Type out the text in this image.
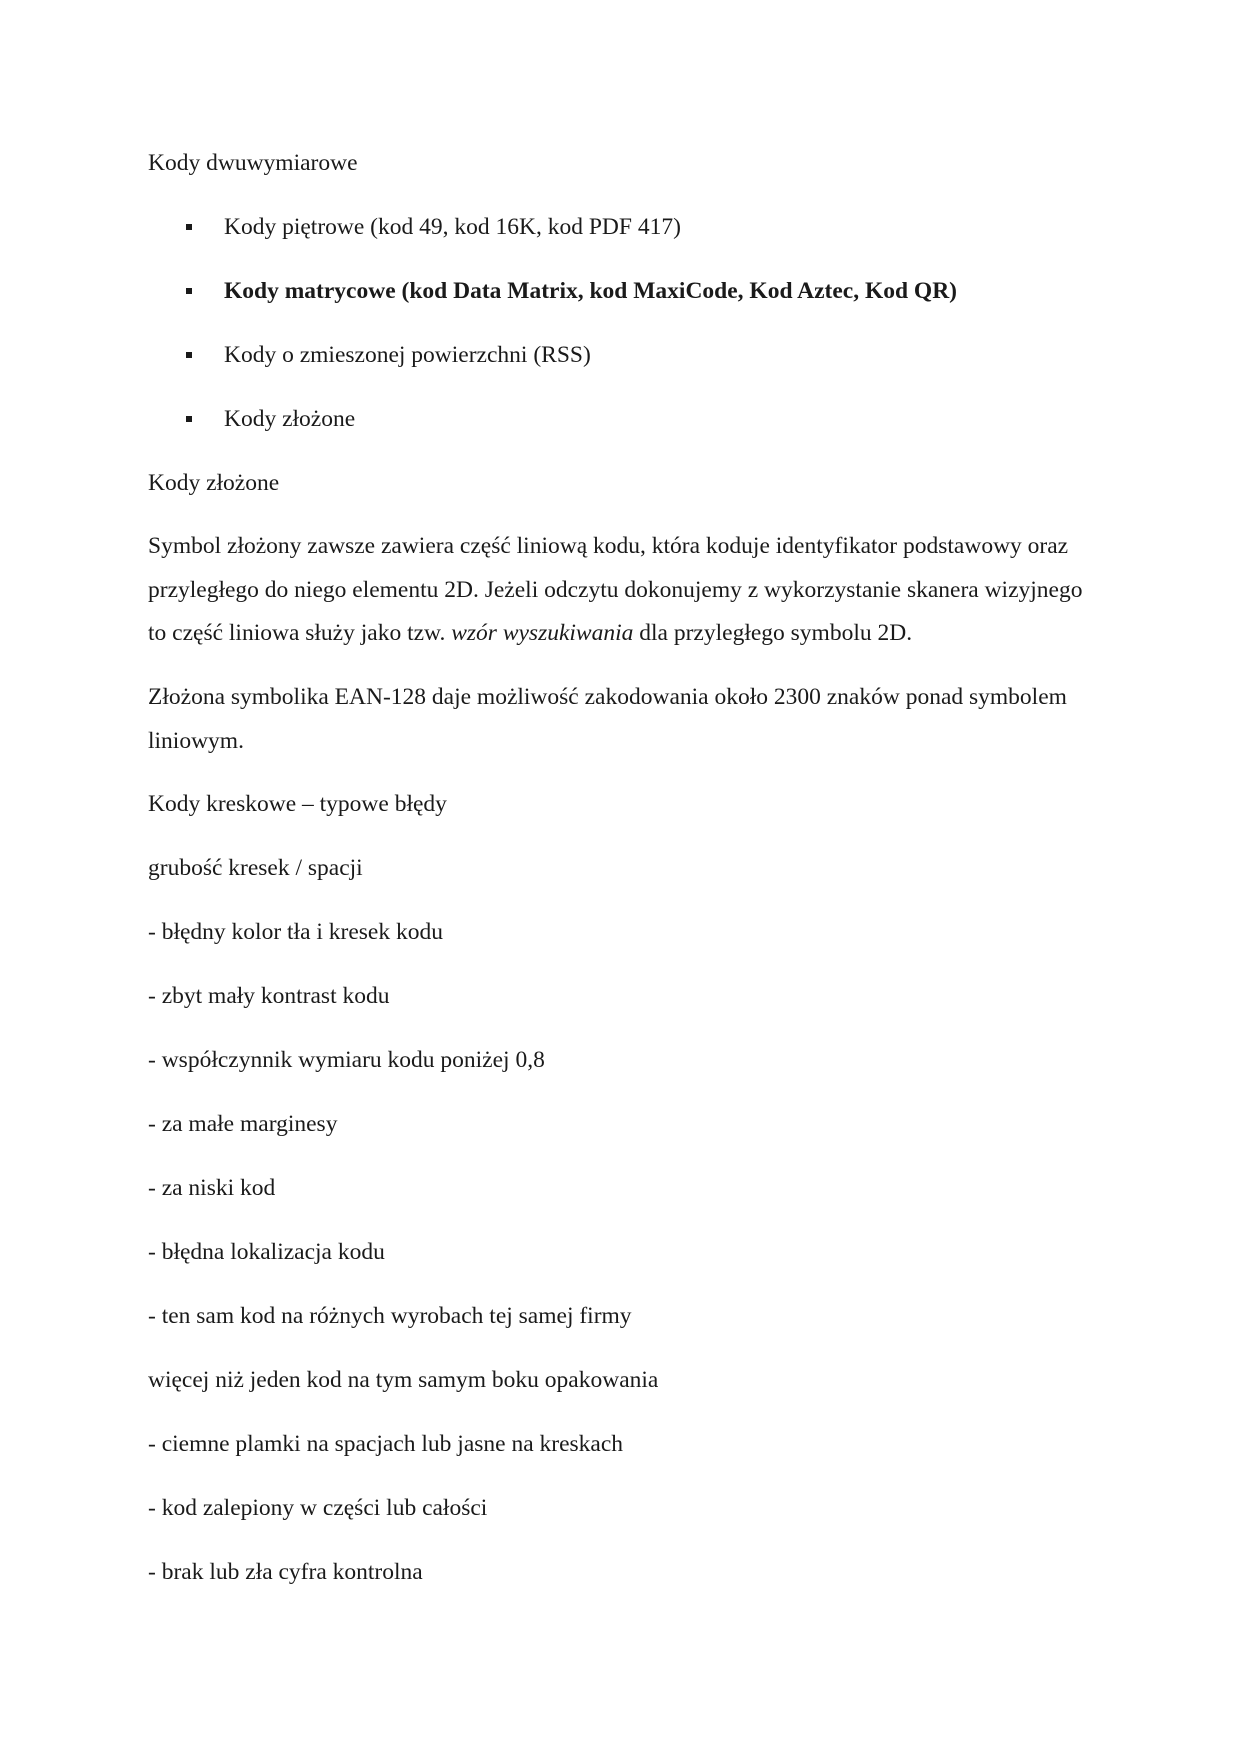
Kody dwuwymiarowe
Kody piętrowe (kod 49, kod 16K, kod PDF 417)
Kody matrycowe (kod Data Matrix, kod MaxiCode, Kod Aztec, Kod QR)
Kody o zmieszonej powierzchni (RSS)
Kody złożone
Kody złożone
Symbol złożony zawsze zawiera część liniową kodu, która koduje identyfikator podstawowy oraz przyległego do niego elementu 2D. Jeżeli odczytu dokonujemy z wykorzystanie skanera wizyjnego to część liniowa służy jako tzw. wzór wyszukiwania dla przyległego symbolu 2D.
Złożona symbolika EAN-128 daje możliwość zakodowania około 2300 znaków ponad symbolem liniowym.
Kody kreskowe – typowe błędy
grubość kresek / spacji
- błędny kolor tła i kresek kodu
- zbyt mały kontrast kodu
- współczynnik wymiaru kodu poniżej 0,8
- za małe marginesy
- za niski kod
- błędna lokalizacja kodu
- ten sam kod na różnych wyrobach tej samej firmy
więcej niż jeden kod na tym samym boku opakowania
- ciemne plamki na spacjach lub jasne na kreskach
- kod zalepiony w części lub całości
- brak lub zła cyfra kontrolna
